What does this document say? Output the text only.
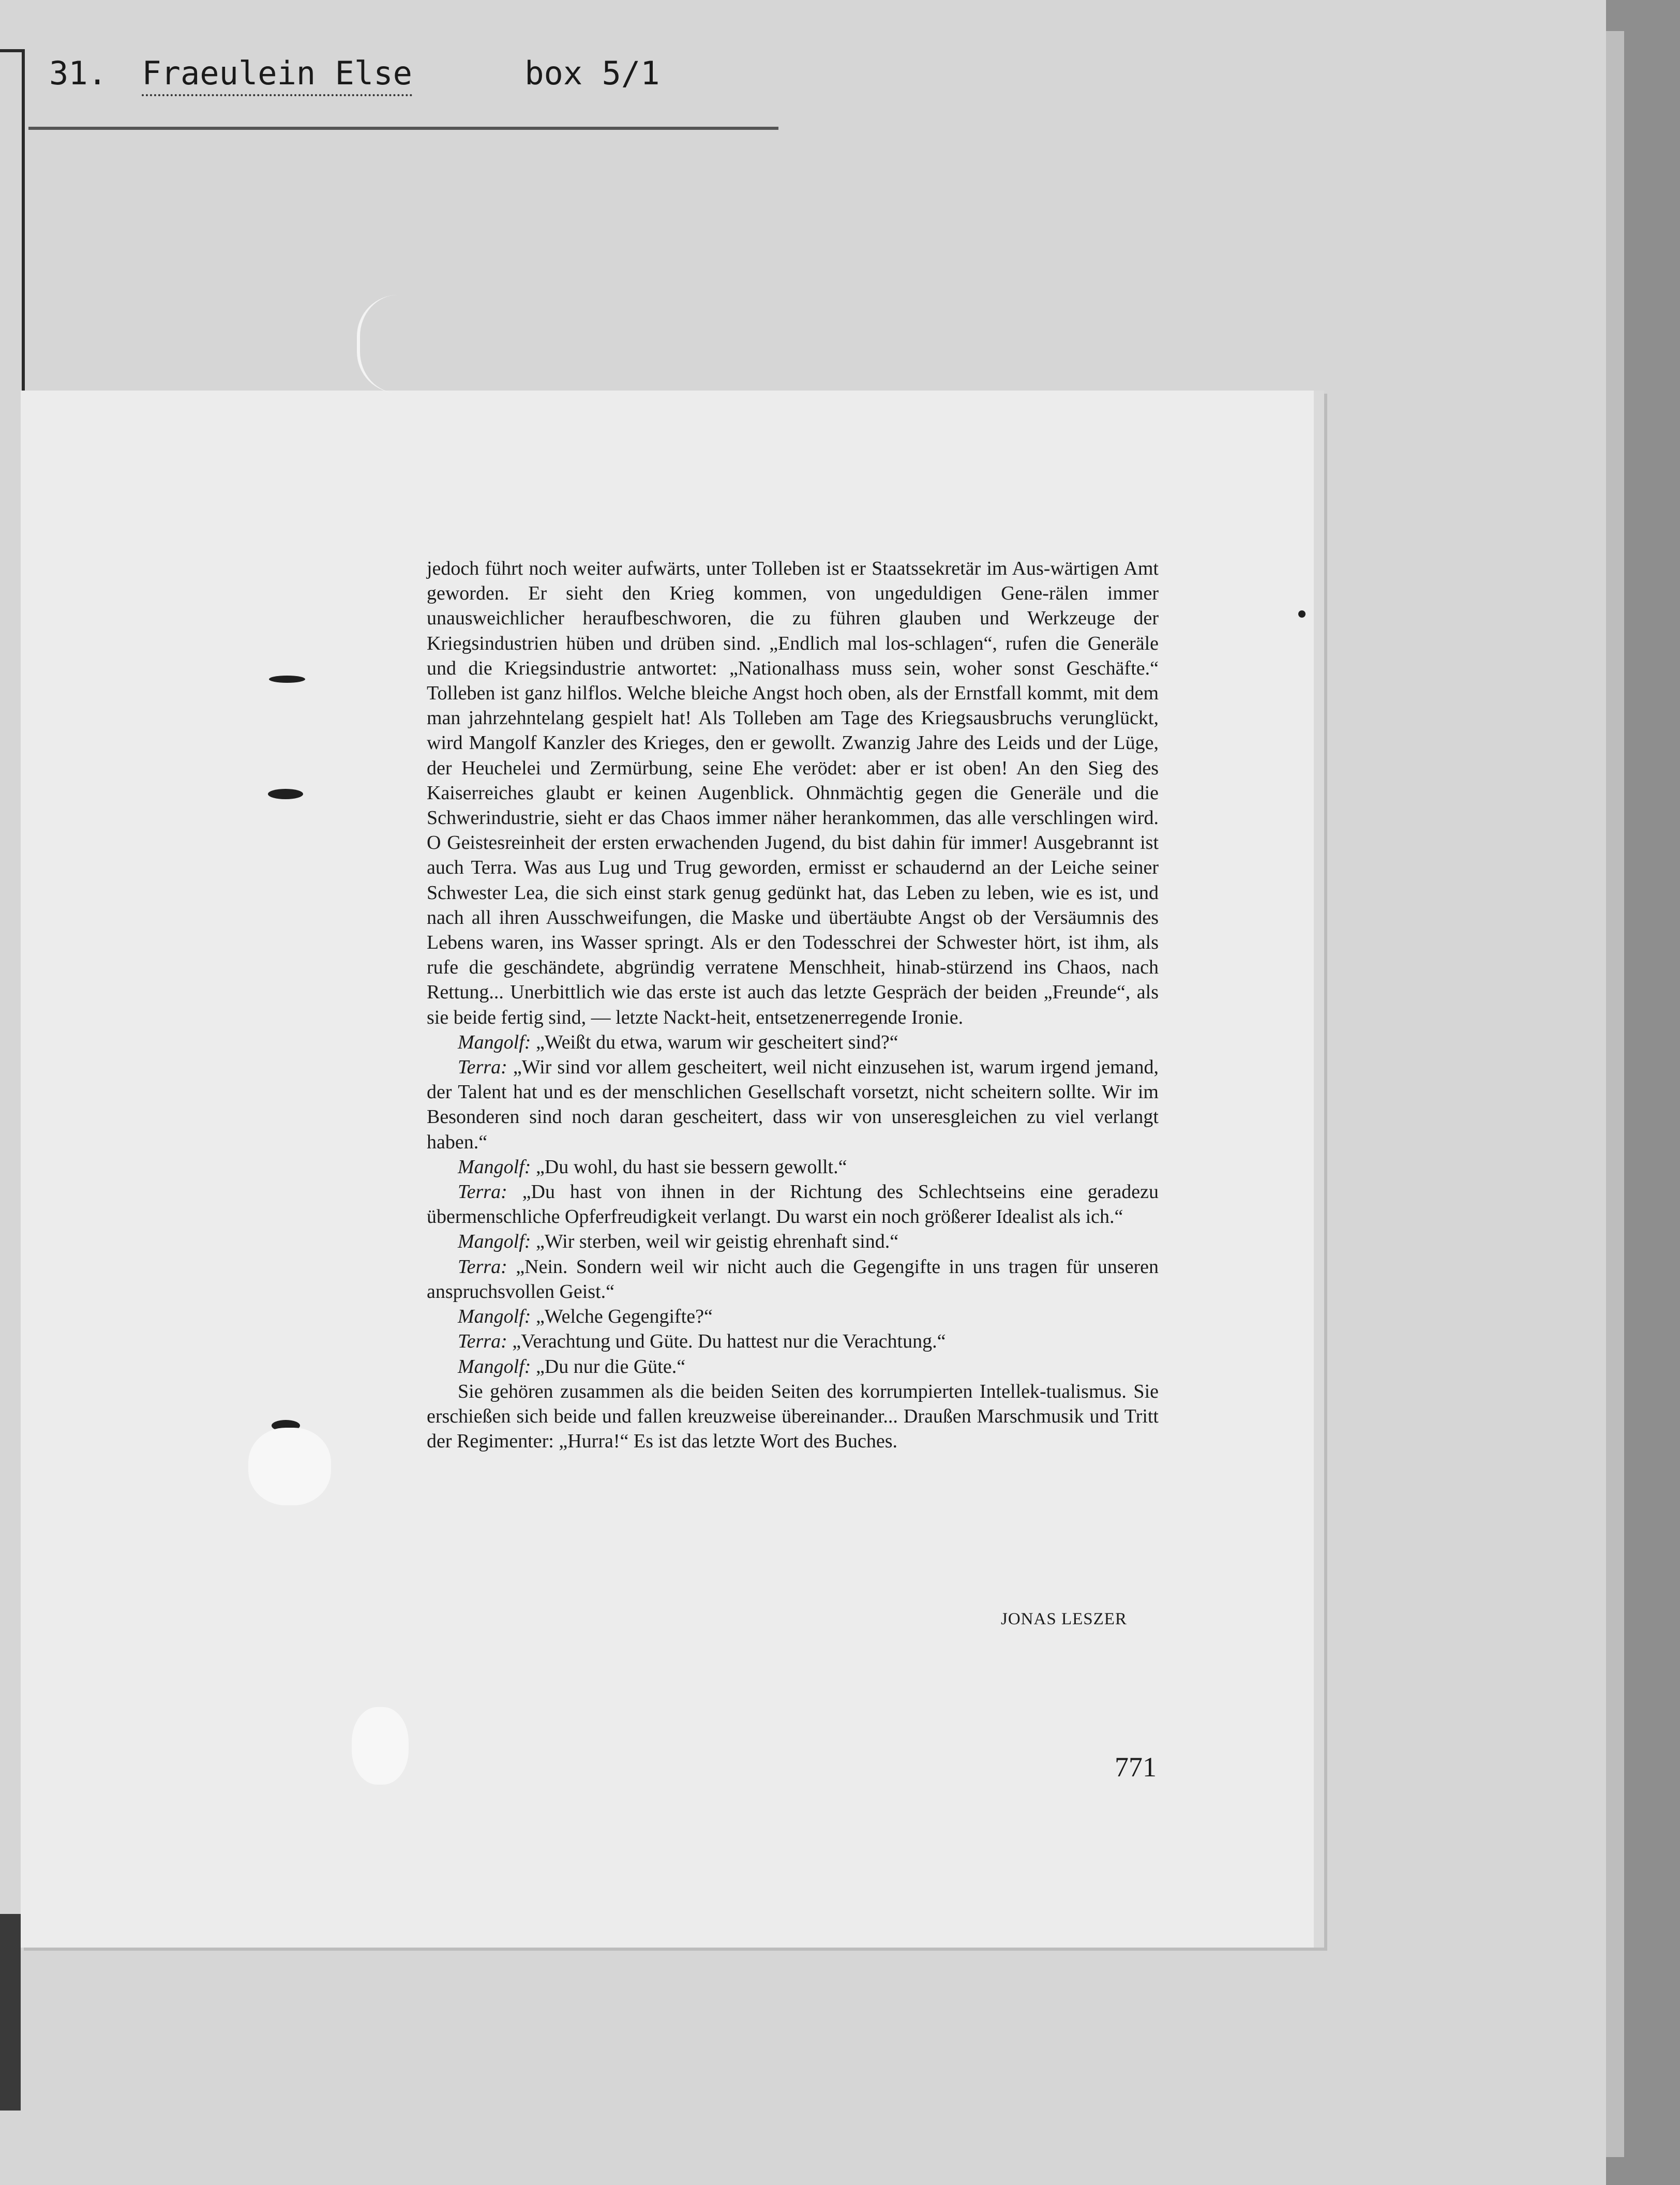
31. Fraeulein Else	box 5/1

jedoch führt noch weiter aufwärts, unter Tolleben ist er Staatssekretär im Aus-wärtigen Amt geworden. Er sieht den Krieg kommen, von ungeduldigen Gene-rälen immer unausweichlicher heraufbeschworen, die zu führen glauben und Werkzeuge der Kriegsindustrien hüben und drüben sind. „Endlich mal los-schlagen“, rufen die Generäle und die Kriegsindustrie antwortet: „Nationalhass muss sein, woher sonst Geschäfte.“ Tolleben ist ganz hilflos. Welche bleiche Angst hoch oben, als der Ernstfall kommt, mit dem man jahrzehntelang gespielt hat! Als Tolleben am Tage des Kriegsausbruchs verunglückt, wird Mangolf Kanzler des Krieges, den er gewollt. Zwanzig Jahre des Leids und der Lüge, der Heuchelei und Zermürbung, seine Ehe verödet: aber er ist oben! An den Sieg des Kaiserreiches glaubt er keinen Augenblick. Ohnmächtig gegen die Generäle und die Schwerindustrie, sieht er das Chaos immer näher herankommen, das alle verschlingen wird. O Geistesreinheit der ersten erwachenden Jugend, du bist dahin für immer! Ausgebrannt ist auch Terra. Was aus Lug und Trug geworden, ermisst er schaudernd an der Leiche seiner Schwester Lea, die sich einst stark genug gedünkt hat, das Leben zu leben, wie es ist, und nach all ihren Ausschweifungen, die Maske und übertäubte Angst ob der Versäumnis des Lebens waren, ins Wasser springt. Als er den Todesschrei der Schwester hört, ist ihm, als rufe die geschändete, abgründig verratene Menschheit, hinab-stürzend ins Chaos, nach Rettung... Unerbittlich wie das erste ist auch das letzte Gespräch der beiden „Freunde“, als sie beide fertig sind, — letzte Nackt-heit, entsetzenerregende Ironie.

Mangolf: „Weißt du etwa, warum wir gescheitert sind?“

Terra: „Wir sind vor allem gescheitert, weil nicht einzusehen ist, warum irgend jemand, der Talent hat und es der menschlichen Gesellschaft vorsetzt, nicht scheitern sollte. Wir im Besonderen sind noch daran gescheitert, dass wir von unseresgleichen zu viel verlangt haben.“

Mangolf: „Du wohl, du hast sie bessern gewollt.“

Terra: „Du hast von ihnen in der Richtung des Schlechtseins eine geradezu übermenschliche Opferfreudigkeit verlangt. Du warst ein noch größerer Idealist als ich.“

Mangolf: „Wir sterben, weil wir geistig ehrenhaft sind.“

Terra: „Nein. Sondern weil wir nicht auch die Gegengifte in uns tragen für unseren anspruchsvollen Geist.“

Mangolf: „Welche Gegengifte?“

Terra: „Verachtung und Güte. Du hattest nur die Verachtung.“

Mangolf: „Du nur die Güte.“

Sie gehören zusammen als die beiden Seiten des korrumpierten Intellek-tualismus. Sie erschießen sich beide und fallen kreuzweise übereinander... Draußen Marschmusik und Tritt der Regimenter: „Hurra!“ Es ist das letzte Wort des Buches.

JONAS LESZER
771
